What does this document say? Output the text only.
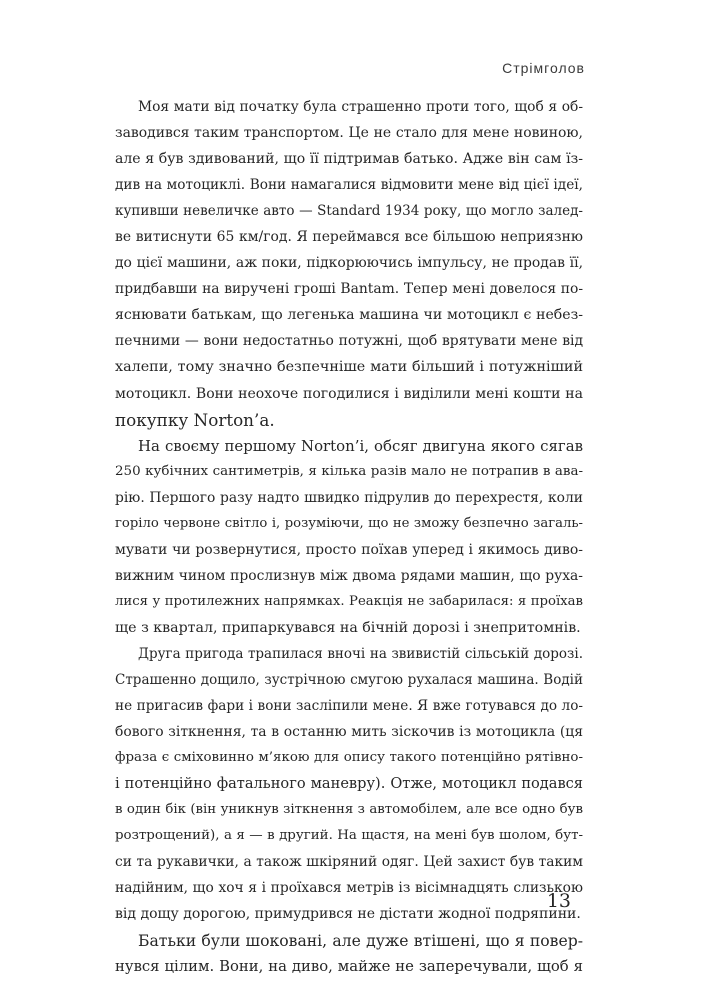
Стрімголов
Моя мати від початку була страшенно проти того, щоб я об-
заводився таким транспортом. Це не стало для мене новиною,
але я був здивований, що її підтримав батько. Адже він сам їз-
див на мотоциклі. Вони намагалися відмовити мене від цієї ідеї,
купивши невеличке авто — Standard 1934 року, що могло залед-
ве витиснути 65 км/год. Я переймався все більшою неприязню
до цієї машини, аж поки, підкорюючись імпульсу, не продав її,
придбавши на виручені гроші Bantam. Тепер мені довелося по-
яснювати батькам, що легенька машина чи мотоцикл є небез-
печними — вони недостатньо потужні, щоб врятувати мене від
халепи, тому значно безпечніше мати більший і потужніший
мотоцикл. Вони неохоче погодилися і виділили мені кошти на
покупку Norton’а.
На своєму першому Norton’і, обсяг двигуна якого сягав
250 кубічних сантиметрів, я кілька разів мало не потрапив в ава-
рію. Першого разу надто швидко підрулив до перехрестя, коли
горіло червоне світло і, розуміючи, що не зможу безпечно загаль-
мувати чи розвернутися, просто поїхав уперед і якимось диво-
вижним чином прослизнув між двома рядами машин, що руха-
лися у протилежних напрямках. Реакція не забарилася: я проїхав
ще з квартал, припаркувався на бічній дорозі і знепритомнів.
Друга пригода трапилася вночі на звивистій сільській дорозі.
Страшенно дощило, зустрічною смугою рухалася машина. Водій
не пригасив фари і вони засліпили мене. Я вже готувався до ло-
бового зіткнення, та в останню мить зіскочив із мотоцикла (ця
фраза є сміховинно м’якою для опису такого потенційно рятівно-
і потенційно фатального маневру). Отже, мотоцикл подався
в один бік (він уникнув зіткнення з автомобілем, але все одно був
розтрощений), а я — в другий. На щастя, на мені був шолом, бут-
си та рукавички, а також шкіряний одяг. Цей захист був таким
надійним, що хоч я і проїхався метрів із вісімнадцять слизькою
від дощу дорогою, примудрився не дістати жодної подряпини.
Батьки були шоковані, але дуже втішені, що я повер-
нувся цілим. Вони, на диво, майже не заперечували, щоб я
13
